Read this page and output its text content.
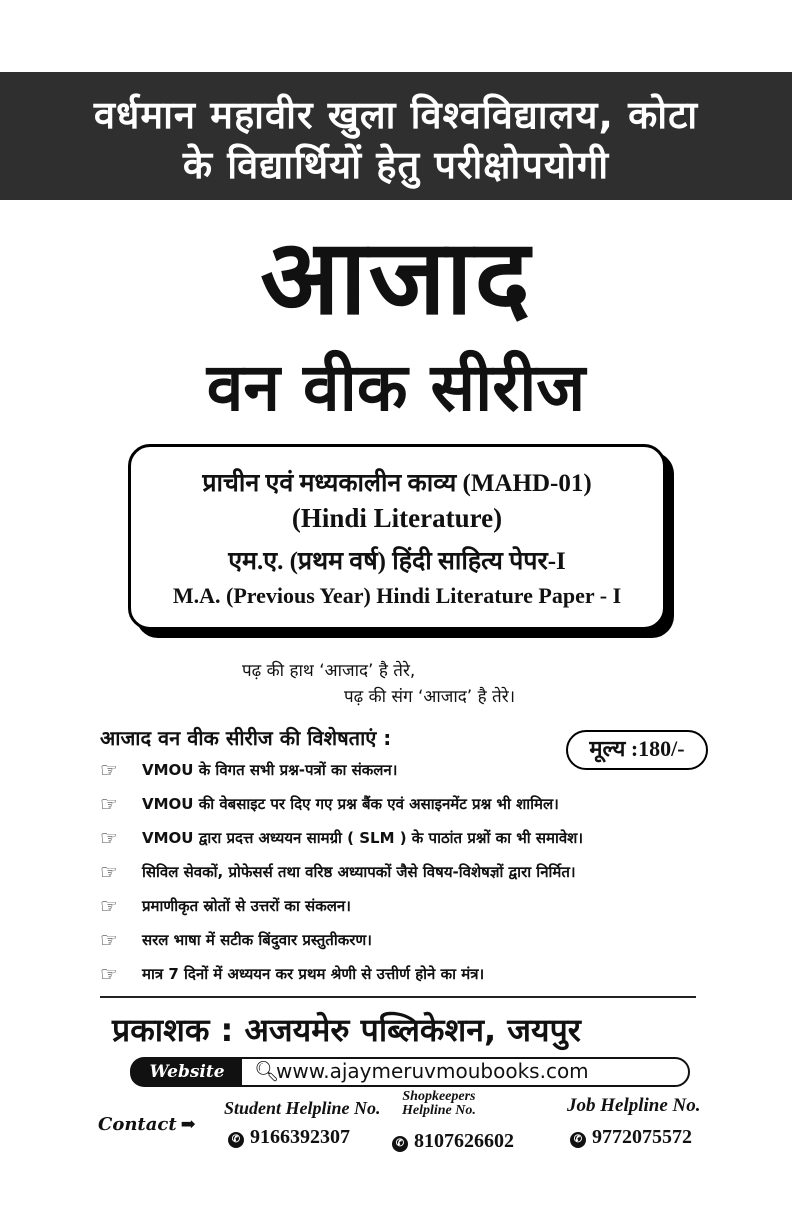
वर्धमान महावीर खुला विश्वविद्यालय, कोटा
के विद्यार्थियों हेतु परीक्षोपयोगी
आजाद
वन वीक सीरीज
प्राचीन एवं मध्यकालीन काव्य (MAHD-01)
(Hindi Literature)
एम.ए. (प्रथम वर्ष) हिंदी साहित्य पेपर-I
M.A. (Previous Year) Hindi Literature Paper - I
पढ़ की हाथ ‘आजाद’ है तेरे,
पढ़ की संग ‘आजाद’ है तेरे।
आजाद वन वीक सीरीज की विशेषताएं :	मूल्य :180/-
☞ VMOU के विगत सभी प्रश्न-पत्रों का संकलन।
☞ VMOU की वेबसाइट पर दिए गए प्रश्न बैंक एवं असाइनमेंट प्रश्न भी शामिल।
☞ VMOU द्वारा प्रदत्त अध्ययन सामग्री ( SLM ) के पाठांत प्रश्नों का भी समावेश।
☞ सिविल सेवकों, प्रोफेसर्स तथा वरिष्ठ अध्यापकों जैसे विषय-विशेषज्ञों द्वारा निर्मित।
☞ प्रमाणीकृत स्रोतों से उत्तरों का संकलन।
☞ सरल भाषा में सटीक बिंदुवार प्रस्तुतीकरण।
☞ मात्र 7 दिनों में अध्ययन कर प्रथम श्रेणी से उत्तीर्ण होने का मंत्र।
प्रकाशक : अजयमेरु पब्लिकेशन, जयपुर
Website	🔍︎www.ajaymeruvmoubooks.com
Contact ➡
Student Helpline No.
Shopkeepers
Helpline No.	Job Helpline No.
✆ 9166392307	✆ 8107626602	✆ 9772075572
